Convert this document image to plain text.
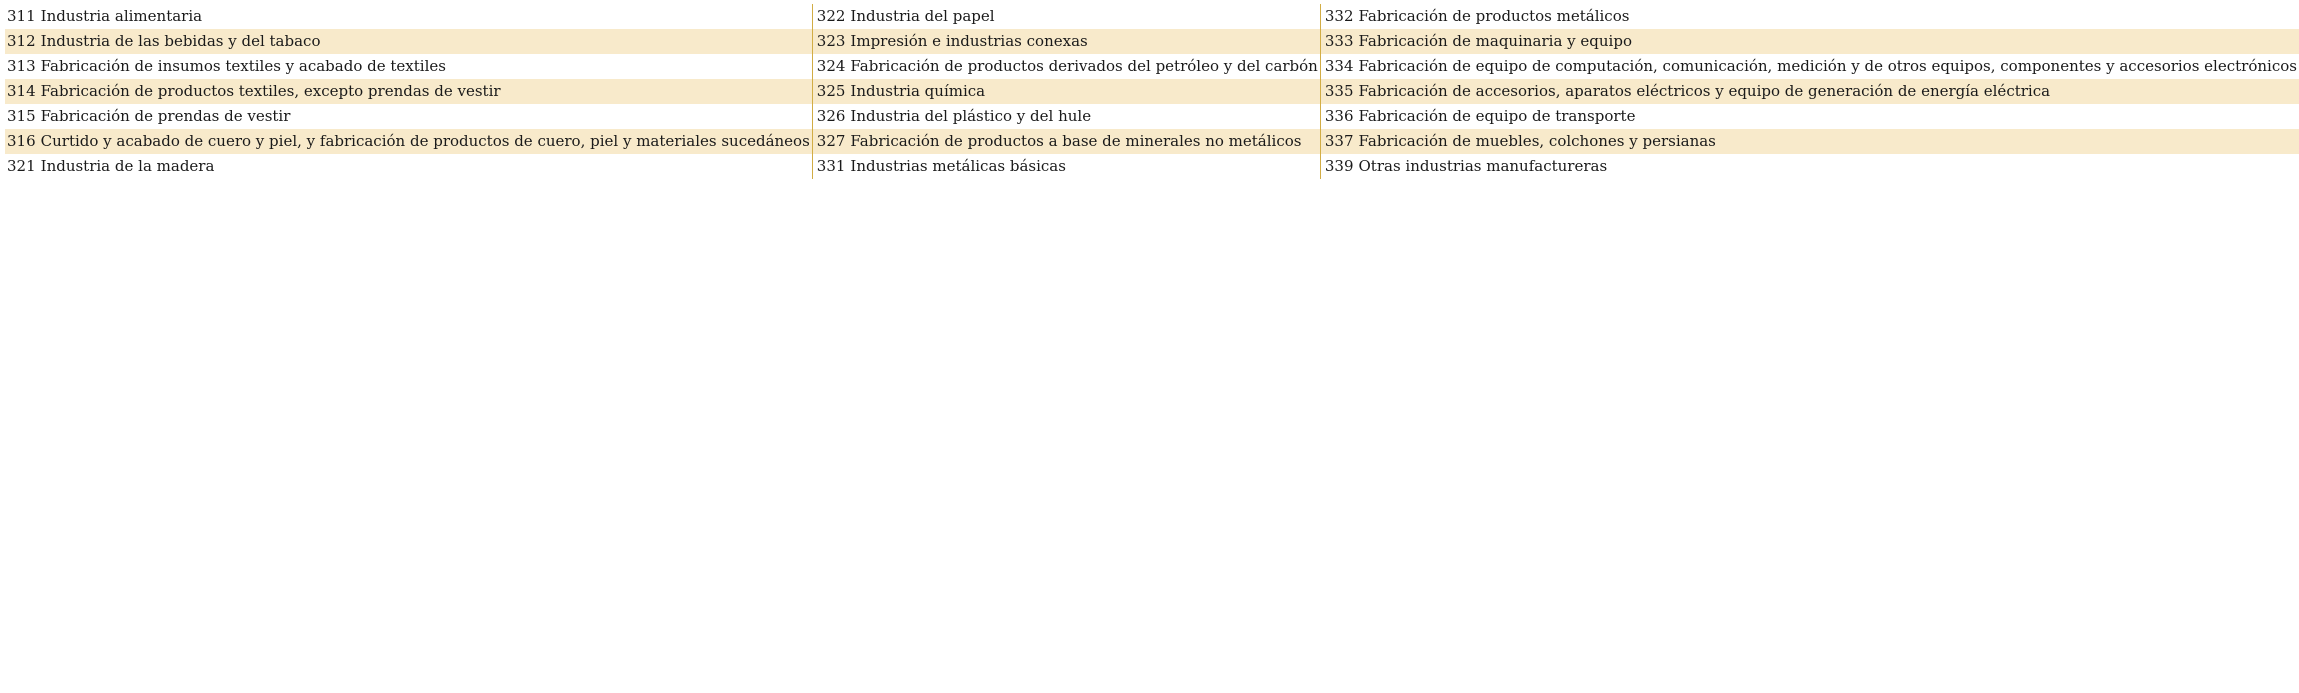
311 Industria alimentaria	322 Industria del papel	332 Fabricación de productos metálicos
312 Industria de las bebidas y del tabaco	323 Impresión e industrias conexas	333 Fabricación de maquinaria y equipo
313 Fabricación de insumos textiles y acabado de textiles	324 Fabricación de productos derivados del petróleo y del carbón	334 Fabricación de equipo de computación, comunicación, medición y de otros equipos, componentes y accesorios electrónicos
314 Fabricación de productos textiles, excepto prendas de vestir	325 Industria química	335 Fabricación de accesorios, aparatos eléctricos y equipo de generación de energía eléctrica
315 Fabricación de prendas de vestir	326 Industria del plástico y del hule	336 Fabricación de equipo de transporte
316 Curtido y acabado de cuero y piel, y fabricación de productos de cuero, piel y materiales sucedáneos	327 Fabricación de productos a base de minerales no metálicos	337 Fabricación de muebles, colchones y persianas
321 Industria de la madera	331 Industrias metálicas básicas	339 Otras industrias manufactureras
